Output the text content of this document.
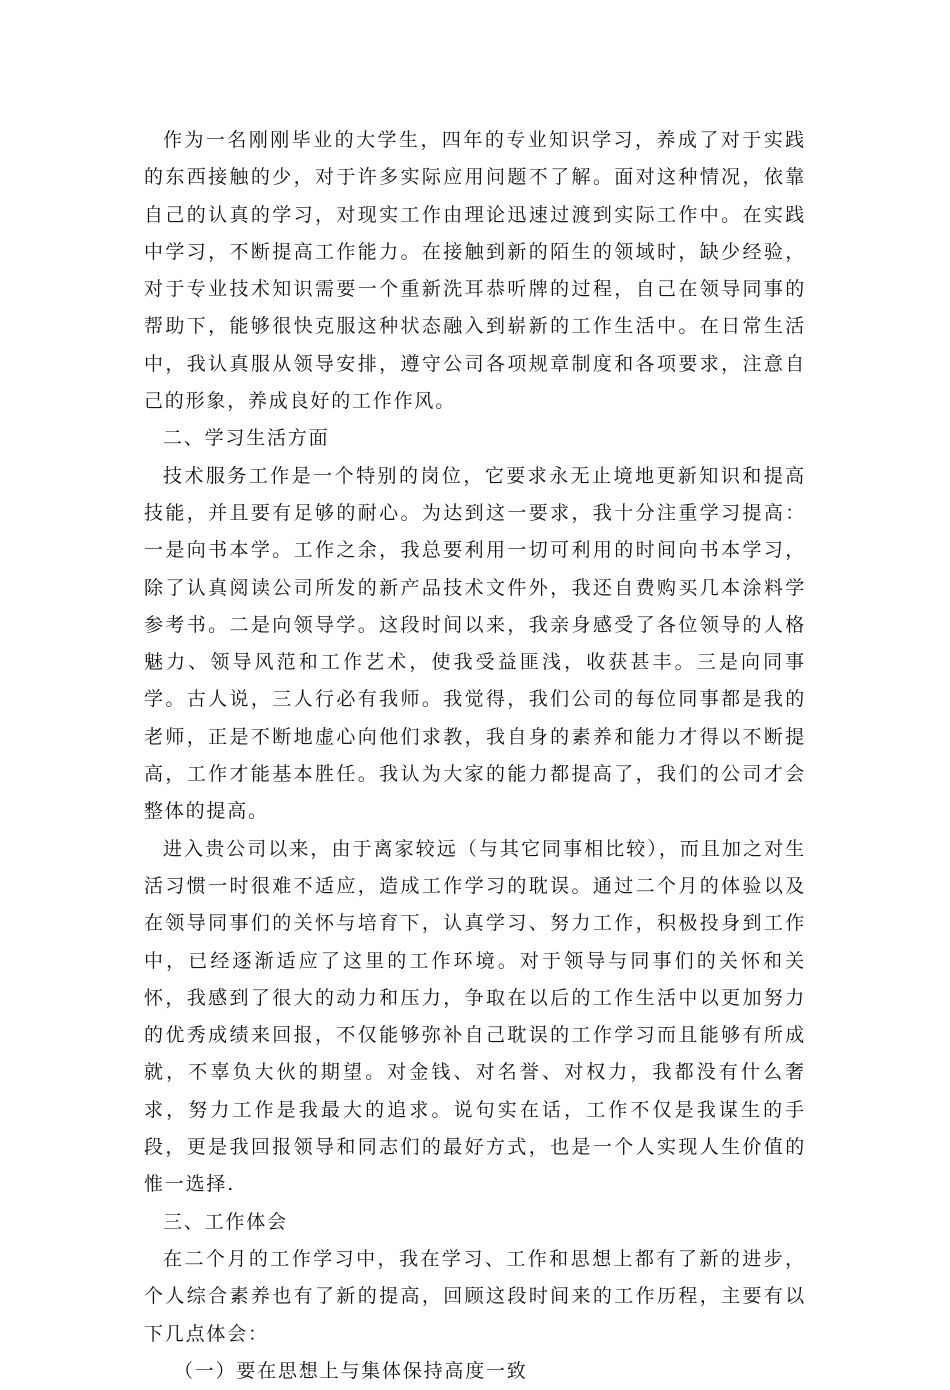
作为一名刚刚毕业的大学生，四年的专业知识学习，养成了对于实践的东西接触的少，对于许多实际应用问题不了解。面对这种情况，依靠自己的认真的学习，对现实工作由理论迅速过渡到实际工作中。在实践中学习，不断提高工作能力。在接触到新的陌生的领域时，缺少经验，对于专业技术知识需要一个重新洗耳恭听牌的过程，自己在领导同事的帮助下，能够很快克服这种状态融入到崭新的工作生活中。在日常生活中，我认真服从领导安排，遵守公司各项规章制度和各项要求，注意自己的形象，养成良好的工作作风。

二、学习生活方面

技术服务工作是一个特别的岗位，它要求永无止境地更新知识和提高技能，并且要有足够的耐心。为达到这一要求，我十分注重学习提高：一是向书本学。工作之余，我总要利用一切可利用的时间向书本学习，除了认真阅读公司所发的新产品技术文件外，我还自费购买几本涂料学参考书。二是向领导学。这段时间以来，我亲身感受了各位领导的人格魅力、领导风范和工作艺术，使我受益匪浅，收获甚丰。三是向同事学。古人说，三人行必有我师。我觉得，我们公司的每位同事都是我的老师，正是不断地虚心向他们求教，我自身的素养和能力才得以不断提高，工作才能基本胜任。我认为大家的能力都提高了，我们的公司才会整体的提高。

进入贵公司以来，由于离家较远（与其它同事相比较），而且加之对生活习惯一时很难不适应，造成工作学习的耽误。通过二个月的体验以及在领导同事们的关怀与培育下，认真学习、努力工作，积极投身到工作中，已经逐渐适应了这里的工作环境。对于领导与同事们的关怀和关怀，我感到了很大的动力和压力，争取在以后的工作生活中以更加努力的优秀成绩来回报，不仅能够弥补自己耽误的工作学习而且能够有所成就，不辜负大伙的期望。对金钱、对名誉、对权力，我都没有什么奢求，努力工作是我最大的追求。说句实在话，工作不仅是我谋生的手段，更是我回报领导和同志们的最好方式，也是一个人实现人生价值的惟一选择.

三、工作体会

在二个月的工作学习中，我在学习、工作和思想上都有了新的进步，个人综合素养也有了新的提高，回顾这段时间来的工作历程，主要有以下几点体会：

（一）要在思想上与集体保持高度一致
